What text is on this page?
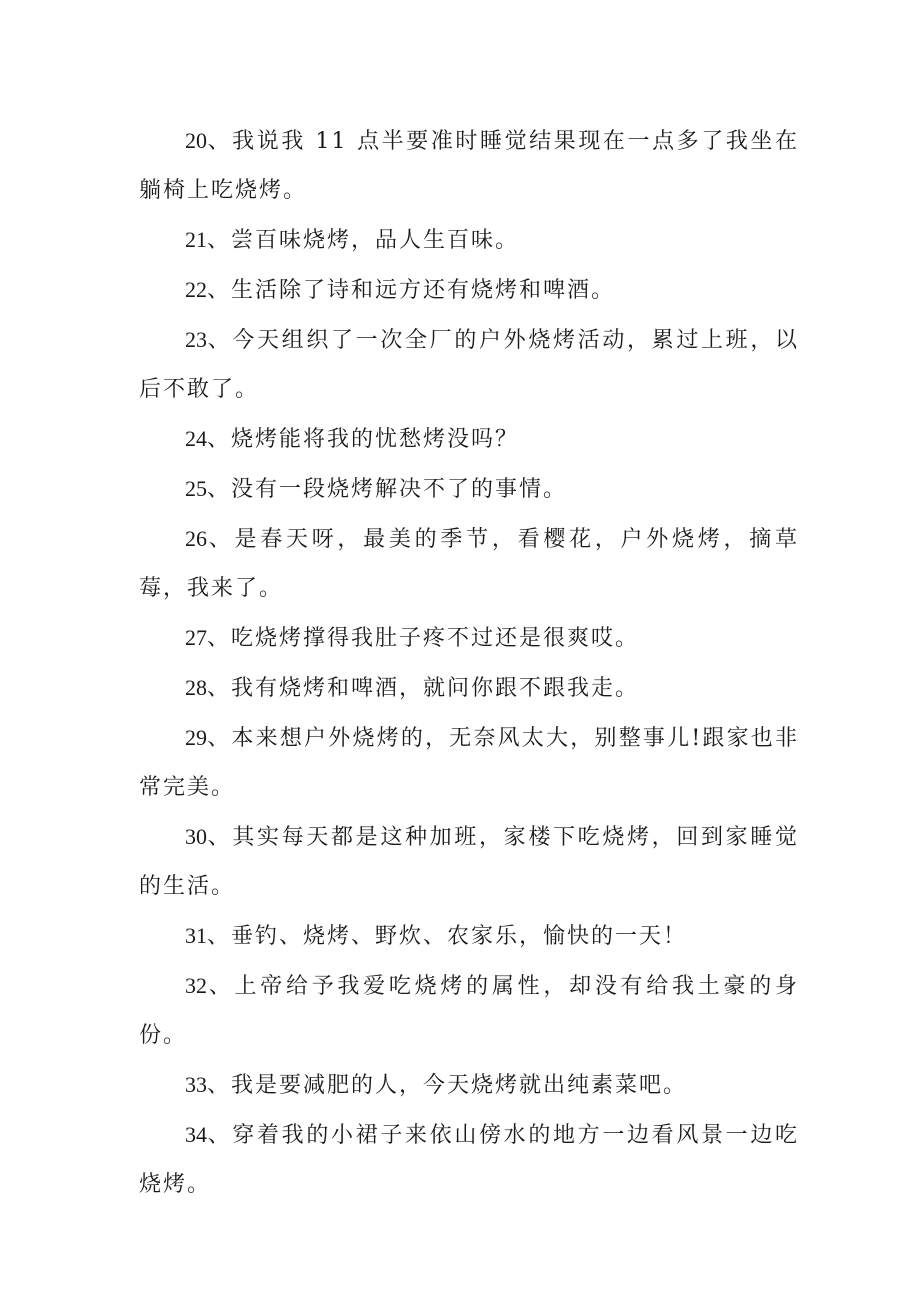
20、我说我 11 点半要准时睡觉结果现在一点多了我坐在躺椅上吃烧烤。

21、尝百味烧烤，品人生百味。

22、生活除了诗和远方还有烧烤和啤酒。

23、今天组织了一次全厂的户外烧烤活动，累过上班，以后不敢了。

24、烧烤能将我的忧愁烤没吗？

25、没有一段烧烤解决不了的事情。

26、是春天呀，最美的季节，看樱花，户外烧烤，摘草莓，我来了。

27、吃烧烤撑得我肚子疼不过还是很爽哎。

28、我有烧烤和啤酒，就问你跟不跟我走。

29、本来想户外烧烤的，无奈风太大，别整事儿!跟家也非常完美。

30、其实每天都是这种加班，家楼下吃烧烤，回到家睡觉的生活。

31、垂钓、烧烤、野炊、农家乐，愉快的一天！

32、上帝给予我爱吃烧烤的属性，却没有给我土豪的身份。

33、我是要减肥的人，今天烧烤就出纯素菜吧。

34、穿着我的小裙子来依山傍水的地方一边看风景一边吃烧烤。
